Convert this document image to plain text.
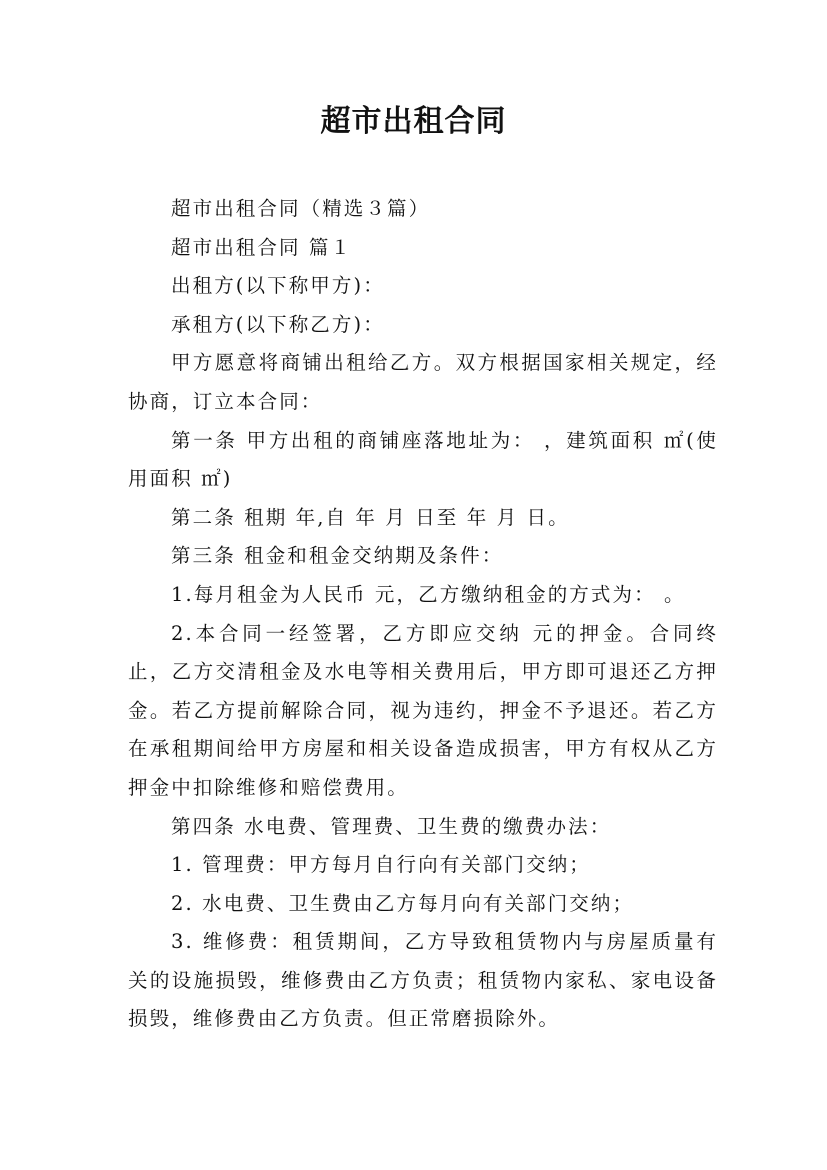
超市出租合同

超市出租合同（精选３篇）

超市出租合同 篇１

出租方(以下称甲方)：

承租方(以下称乙方)：

甲方愿意将商铺出租给乙方。双方根据国家相关规定，经协商，订立本合同：

第一条 甲方出租的商铺座落地址为： ，建筑面积 ㎡(使用面积 ㎡)

第二条 租期 年,自 年 月 日至 年 月 日。

第三条 租金和租金交纳期及条件：

1.每月租金为人民币 元，乙方缴纳租金的方式为： 。

2.本合同一经签署，乙方即应交纳 元的押金。合同终止，乙方交清租金及水电等相关费用后，甲方即可退还乙方押金。若乙方提前解除合同，视为违约，押金不予退还。若乙方在承租期间给甲方房屋和相关设备造成损害，甲方有权从乙方押金中扣除维修和赔偿费用。

第四条 水电费、管理费、卫生费的缴费办法：

1. 管理费：甲方每月自行向有关部门交纳；

2. 水电费、卫生费由乙方每月向有关部门交纳；

3. 维修费：租赁期间，乙方导致租赁物内与房屋质量有关的设施损毁，维修费由乙方负责；租赁物内家私、家电设备损毁，维修费由乙方负责。但正常磨损除外。
